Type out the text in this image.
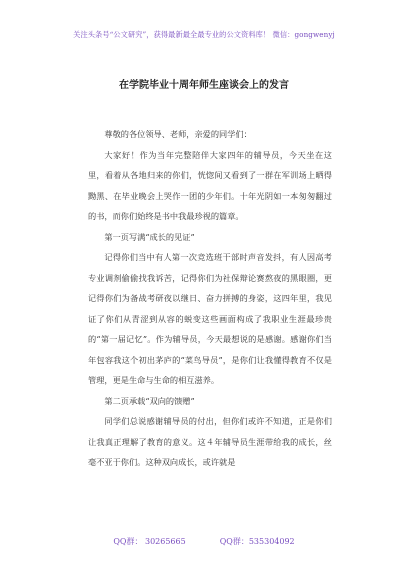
关注头条号“公文研究”，获得最新最全最专业的公文资料库！ 微信：gongwenyj
在学院毕业十周年师生座谈会上的发言

尊敬的各位领导、老师，亲爱的同学们：

大家好！作为当年完整陪伴大家四年的辅导员，今天坐在这里，看着从各地归来的你们，恍惚间又看到了一群在军训场上晒得黝黑、在毕业晚会上哭作一团的少年们。十年光阴如一本匆匆翻过的书，而你们始终是书中我最珍视的篇章。

第一页写满“成长的见证”

记得你们当中有人第一次竞选班干部时声音发抖，有人因高考专业调剂偷偷找我诉苦，记得你们为社保辩论赛熬夜的黑眼圈，更记得你们为备战考研夜以继日、奋力拼搏的身姿，这四年里，我见证了你们从青涩到从容的蜕变这些画面构成了我职业生涯最珍贵的“第一届记忆”。作为辅导员，今天最想说的是感谢。感谢你们当年包容我这个初出茅庐的“菜鸟导员”，是你们让我懂得教育不仅是管理，更是生命与生命的相互滋养。

第二页承载“双向的馈赠”

同学们总说感谢辅导员的付出，但你们或许不知道，正是你们让我真正理解了教育的意义。这４年辅导员生涯带给我的成长，丝毫不亚于你们。这种双向成长，或许就是

QQ群： 30265665	QQ群：535304092
